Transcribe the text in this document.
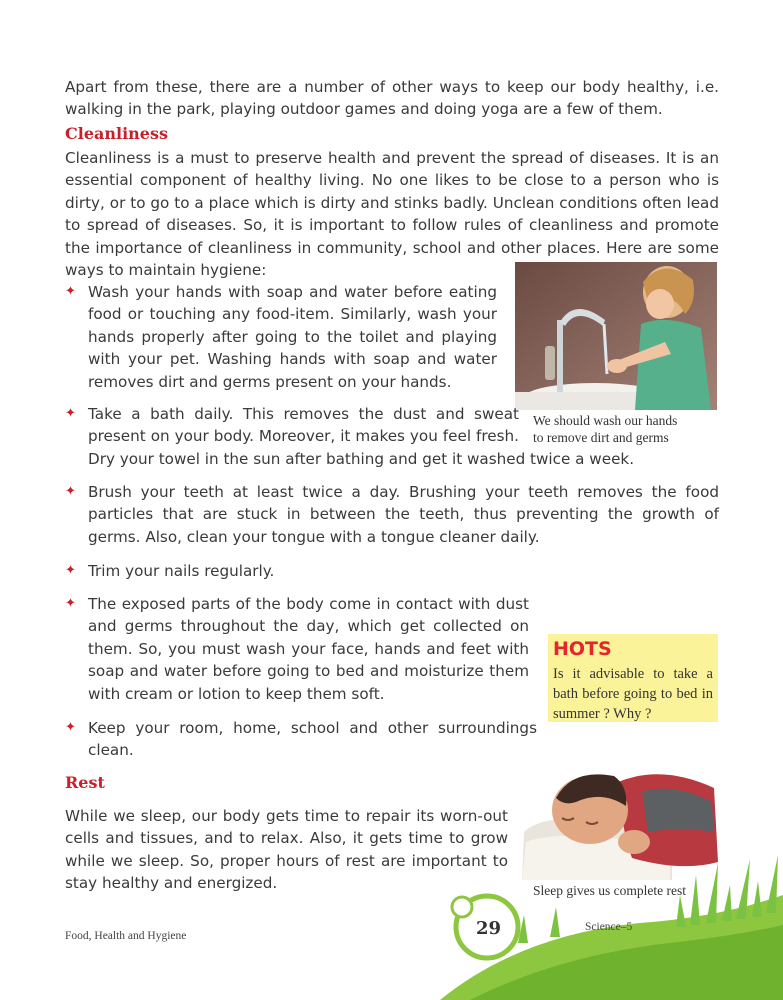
Apart from these, there are a number of other ways to keep our body healthy, i.e. walking in the park, playing outdoor games and doing yoga are a few of them.

Cleanliness

Cleanliness is a must to preserve health and prevent the spread of diseases. It is an essential component of healthy living. No one likes to be close to a person who is dirty, or to go to a place which is dirty and stinks badly. Unclean conditions often lead to spread of diseases. So, it is important to follow rules of cleanliness and promote the importance of cleanliness in community, school and other places. Here are some ways to maintain hygiene:

We should wash our hands
to remove dirt and germs
✦ Wash your hands with soap and water before eating food or touching any food-item. Similarly, wash your hands properly after going to the toilet and playing with your pet. Washing hands with soap and water removes dirt and germs present on your hands.
✦ Take a bath daily. This removes the dust and sweat present on your body. Moreover, it makes you feel fresh. Dry your towel in the sun after bathing and get it washed twice a week.
✦ Brush your teeth at least twice a day. Brushing your teeth removes the food particles that are stuck in between the teeth, thus preventing the growth of germs. Also, clean your tongue with a tongue cleaner daily.
✦ Trim your nails regularly.
✦ The exposed parts of the body come in contact with dust and germs throughout the day, which get collected on them. So, you must wash your face, hands and feet with soap and water before going to bed and moisturize them with cream or lotion to keep them soft.
✦ Keep your room, home, school and other surroundings clean.
HOTS
Is it advisable to take a bath before going to bed in summer ? Why ?
Rest

While we sleep, our body gets time to repair its worn-out cells and tissues, and to relax. Also, it gets time to grow while we sleep. So, proper hours of rest are important to stay healthy and energized.	Sleep gives us complete rest
Food, Health and Hygiene	29	Science–5
